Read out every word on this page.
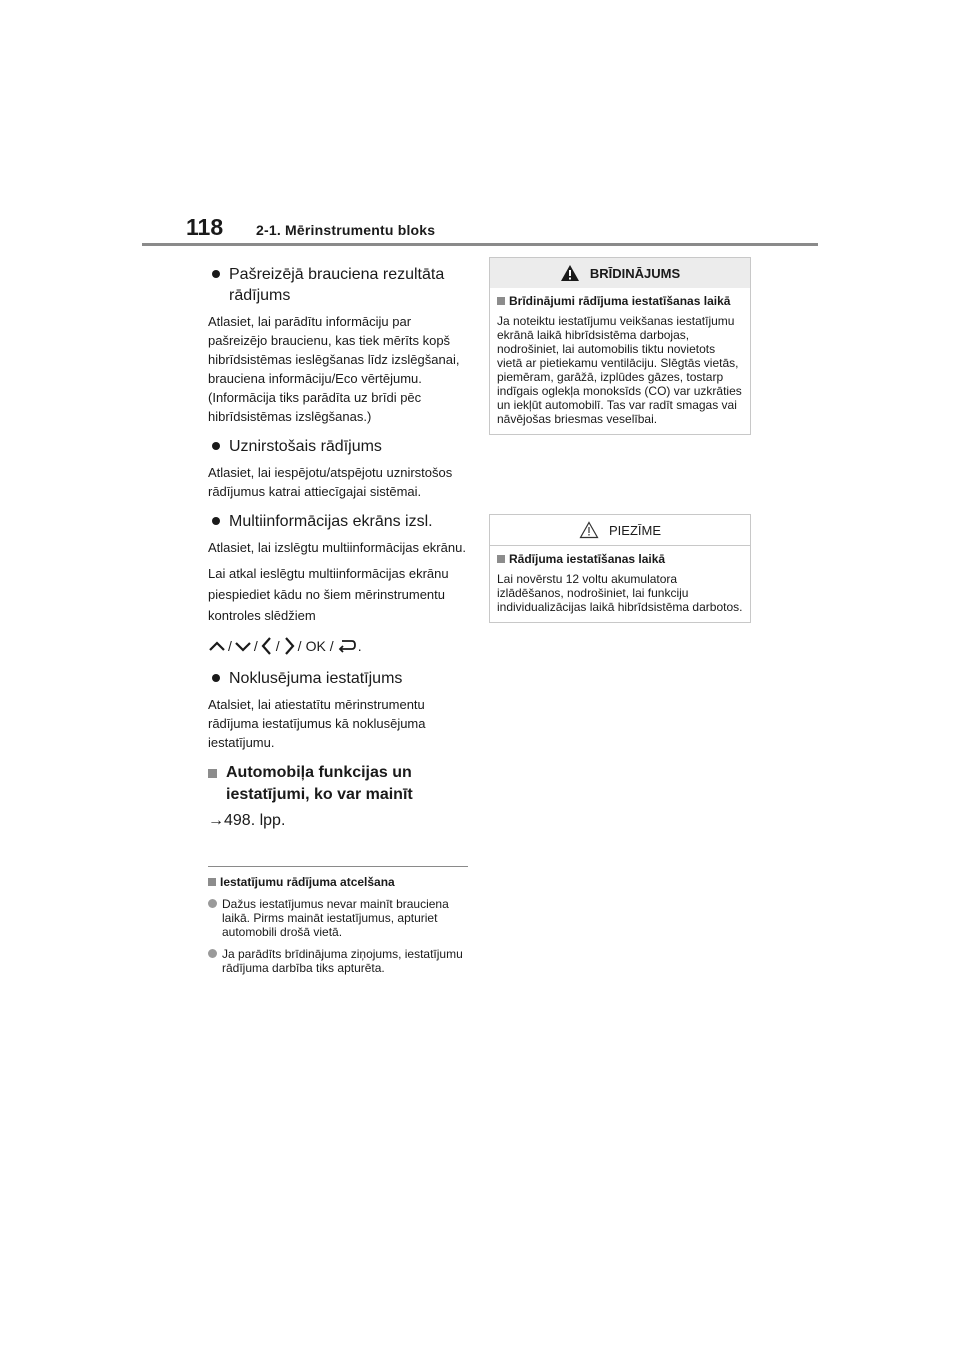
118	2-1. Mērinstrumentu bloks
Pašreizējā brauciena rezultāta rādījums

Atlasiet, lai parādītu informāciju par pašreizējo braucienu, kas tiek mērīts kopš hibrīdsistēmas ieslēgšanas līdz izslēgšanai, brauciena informāciju/Eco vērtējumu. (Informācija tiks parādīta uz brīdi pēc hibrīdsistēmas izslēgšanas.)

Uznirstošais rādījums

Atlasiet, lai iespējotu/atspējotu uznirstošos rādījumus katrai attiecīgajai sistēmai.

Multiinformācijas ekrāns izsl.

Atlasiet, lai izslēgtu multiinformācijas ekrānu.

Lai atkal ieslēgtu multiinformācijas ekrānu piespiediet kādu no šiem mērinstrumentu kontroles slēdžiem

/ / / / OK / .
Noklusējuma iestatījums

Atalsiet, lai atiestatītu mērinstrumentu rādījuma iestatījumus kā noklusējuma iestatījumu.

Automobiļa funkcijas un iestatījumi, ko var mainīt
→498. lpp.
Iestatījumu rādījuma atcelšana
Dažus iestatījumus nevar mainīt brauciena laikā. Pirms maināt iestatījumus, apturiet automobili drošā vietā.
Ja parādīts brīdinājuma ziņojums, iestatījumu rādījuma darbība tiks apturēta.
BRĪDINĀJUMS
Brīdinājumi rādījuma iestatīšanas laikā
Ja noteiktu iestatījumu veikšanas iestatījumu ekrānā laikā hibrīdsistēma darbojas, nodrošiniet, lai automobilis tiktu novietots vietā ar pietiekamu ventilāciju. Slēgtās vietās, piemēram, garāžā, izplūdes gāzes, tostarp indīgais oglekļa monoksīds (CO) var uzkrāties un iekļūt automobilī. Tas var radīt smagas vai nāvējošas briesmas veselībai.
PIEZĪME
Rādījuma iestatīšanas laikā
Lai novērstu 12 voltu akumulatora izlādēšanos, nodrošiniet, lai funkciju individualizācijas laikā hibrīdsistēma darbotos.
